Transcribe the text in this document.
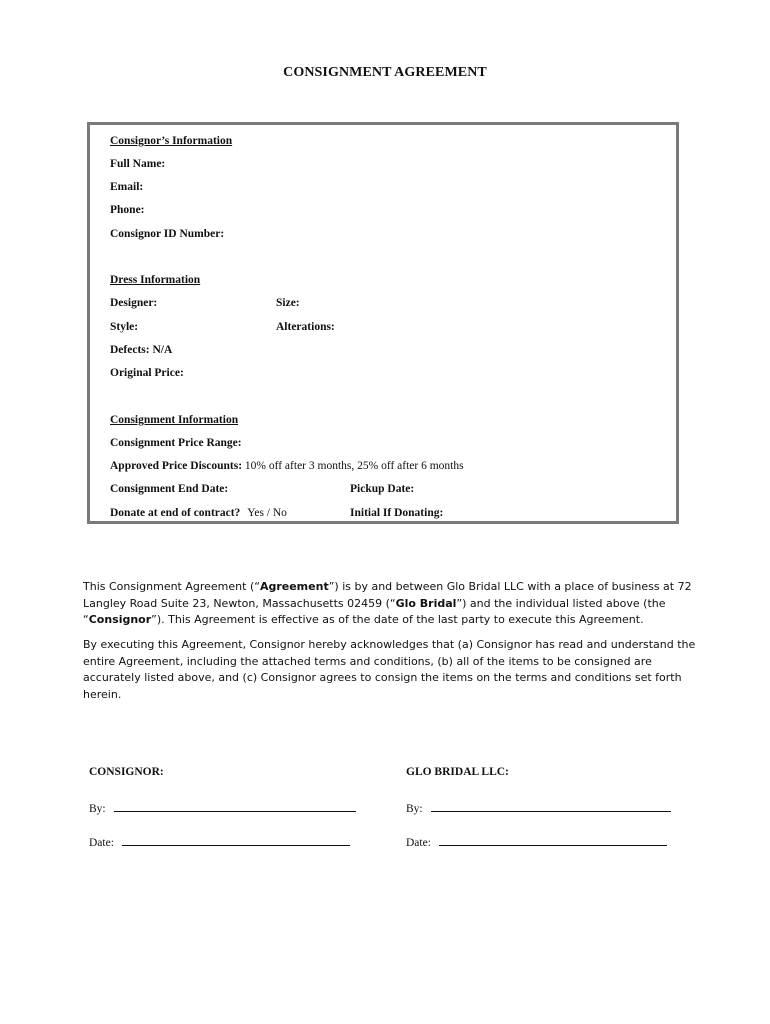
CONSIGNMENT AGREEMENT
Consignor’s Information
Full Name:
Email:
Phone:
Consignor ID Number:
Dress Information
Designer:	Size:
Style:	Alterations:
Defects: N/A
Original Price:
Consignment Information
Consignment Price Range:
Approved Price Discounts: 10% off after 3 months, 25% off after 6 months
Consignment End Date:	Pickup Date:
Donate at end of contract? Yes / No	Initial If Donating:
This Consignment Agreement (“Agreement”) is by and between Glo Bridal LLC with a place of business at 72 Langley Road Suite 23, Newton, Massachusetts 02459 (“Glo Bridal”) and the individual listed above (the “Consignor”). This Agreement is effective as of the date of the last party to execute this Agreement.
By executing this Agreement, Consignor hereby acknowledges that (a) Consignor has read and understand the entire Agreement, including the attached terms and conditions, (b) all of the items to be consigned are accurately listed above, and (c) Consignor agrees to consign the items on the terms and conditions set forth herein.
CONSIGNOR:	GLO BRIDAL LLC:
By:	By:
Date:	Date:
